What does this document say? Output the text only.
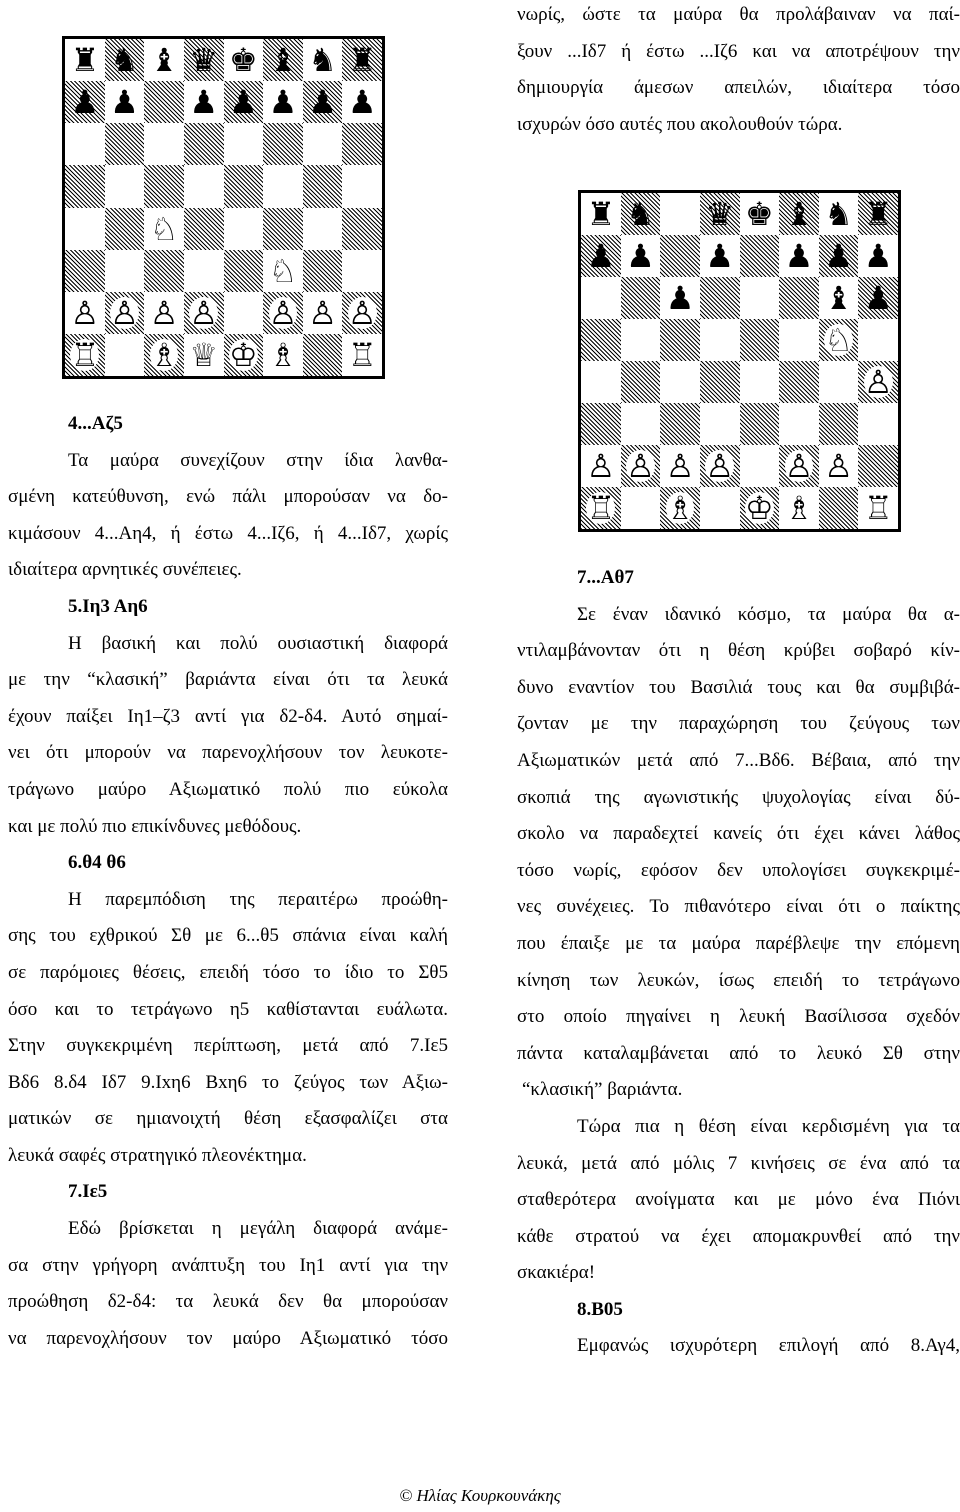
♜ ♞ ♝ ♛ ♚ ♝ ♞ ♜
♟ ♟ ♟ ♟ ♟ ♟ ♟
♘
♘
♙ ♙ ♙ ♙ ♙ ♙ ♙
♖ ♗ ♕ ♔ ♗ ♖
♜ ♞ ♛ ♚ ♝ ♞ ♜
♟ ♟ ♟ ♟ ♟ ♟
♟	♝ ♟
♘
♙
♙ ♙ ♙ ♙ ♙ ♙
♖ ♗ ♔ ♗ ♖

4...Αζ5

Τα μαύρα συνεχίζουν στην ίδια λανθα-

σμένη κατεύθυνση, ενώ πάλι μπορούσαν να δο-

κιμάσουν 4...Αη4, ή έστω 4...Ιζ6, ή 4...Ιδ7, χωρίς

ιδιαίτερα αρνητικές συνέπειες.

5.Ιη3 Αη6

Η βασική και πολύ ουσιαστική διαφορά

με την “κλασική” βαριάντα είναι ότι τα λευκά

έχουν παίξει Ιη1–ζ3 αντί για δ2-δ4. Αυτό σημαί-

νει ότι μπορούν να παρενοχλήσουν τον λευκοτε-

τράγωνο μαύρο Αξιωματικό πολύ πιο εύκολα

και με πολύ πιο επικίνδυνες μεθόδους.

6.θ4 θ6

Η παρεμπόδιση της περαιτέρω προώθη-

σης του εχθρικού Σθ με 6...θ5 σπάνια είναι καλή

σε παρόμοιες θέσεις, επειδή τόσο το ίδιο το Σθ5

όσο και το τετράγωνο η5 καθίστανται ευάλωτα.

Στην συγκεκριμένη περίπτωση, μετά από 7.Ιε5

Βδ6 8.δ4 Ιδ7 9.Ιxη6 Βxη6 το ζεύγος των Αξιω-

ματικών σε ημιανοιχτή θέση εξασφαλίζει στα

λευκά σαφές στρατηγικό πλεονέκτημα.

7.Ιε5

Εδώ βρίσκεται η μεγάλη διαφορά ανάμε-

σα στην γρήγορη ανάπτυξη του Ιη1 αντί για την

προώθηση δ2-δ4: τα λευκά δεν θα μπορούσαν

να παρενοχλήσουν τον μαύρο Αξιωματικό τόσο

νωρίς, ώστε τα μαύρα θα προλάβαιναν να παί-

ξουν ...Ιδ7 ή έστω ...Ιζ6 και να αποτρέψουν την

δημιουργία άμεσων απειλών, ιδιαίτερα τόσο

ισχυρών όσο αυτές που ακολουθούν τώρα.

7...Αθ7

Σε έναν ιδανικό κόσμο, τα μαύρα θα α-

ντιλαμβάνονταν ότι η θέση κρύβει σοβαρό κίν-

δυνο εναντίον του Βασιλιά τους και θα συμβιβά-

ζονταν με την παραχώρηση του ζεύγους των

Αξιωματικών μετά από 7...Βδ6. Βέβαια, από την

σκοπιά της αγωνιστικής ψυχολογίας είναι δύ-

σκολο να παραδεχτεί κανείς ότι έχει κάνει λάθος

τόσο νωρίς, εφόσον δεν υπολογίσει συγκεκριμέ-

νες συνέχειες. Το πιθανότερο είναι ότι ο παίκτης

που έπαιξε με τα μαύρα παρέβλεψε την επόμενη

κίνηση των λευκών, ίσως επειδή το τετράγωνο

στο οποίο πηγαίνει η λευκή Βασίλισσα σχεδόν

πάντα καταλαμβάνεται από το λευκό Σθ στην

“κλασική” βαριάντα.

Τώρα πια η θέση είναι κερδισμένη για τα

λευκά, μετά από μόλις 7 κινήσεις σε ένα από τα

σταθερότερα ανοίγματα και με μόνο ένα Πιόνι

κάθε στρατού να έχει απομακρυνθεί από την

σκακιέρα!

8.Β05

Εμφανώς ισχυρότερη επιλογή από 8.Αγ4,

© Ηλίας Κουρκουνάκης
